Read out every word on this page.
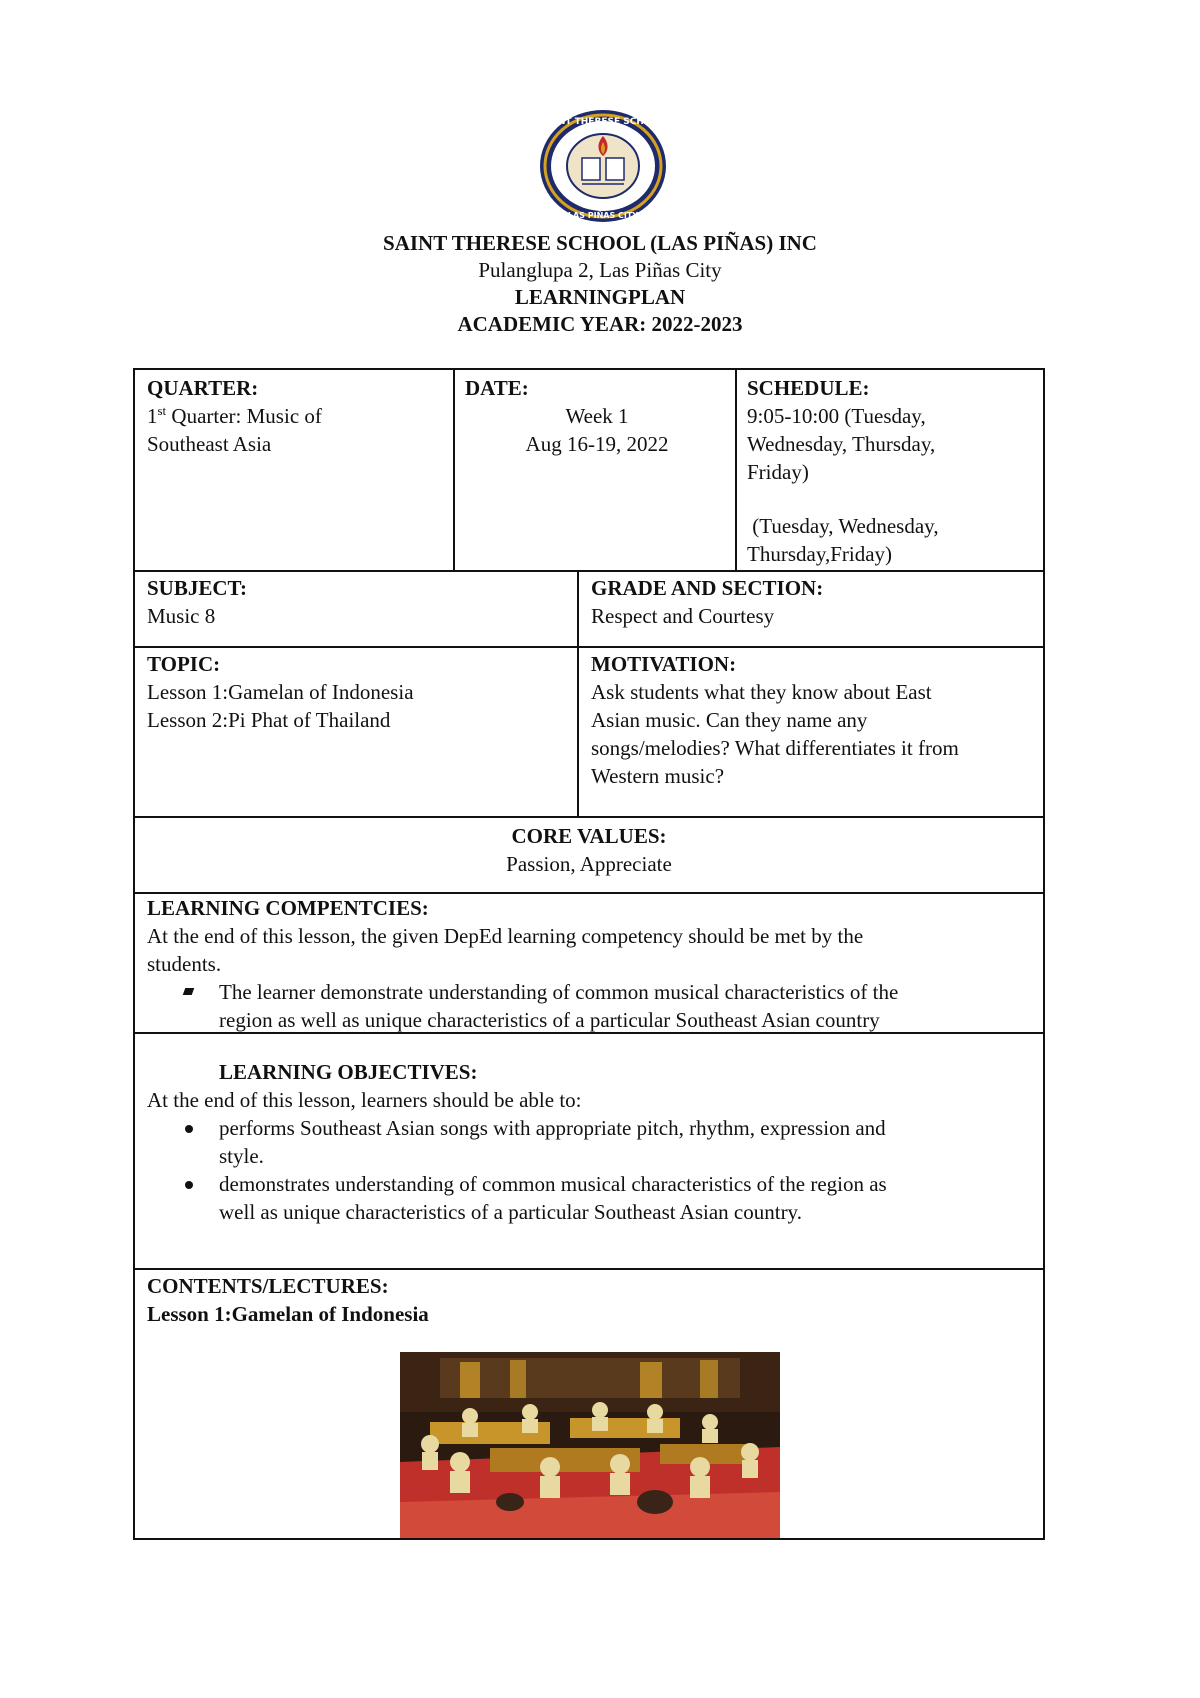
SAINT THERESE SCHOOL
LAS PIÑAS CITY
SAINT THERESE SCHOOL (LAS PIÑAS) INC
Pulanglupa 2, Las Piñas City
LEARNINGPLAN
ACADEMIC YEAR: 2022-2023
QUARTER:
1st Quarter: Music of
Southeast Asia
DATE:
Week 1
Aug 16-19, 2022
SCHEDULE:
9:05-10:00 (Tuesday,
Wednesday, Thursday,
Friday)
(Tuesday, Wednesday,
Thursday,Friday)
SUBJECT:
Music 8
GRADE AND SECTION:
Respect and Courtesy
TOPIC:
Lesson 1:Gamelan of Indonesia
Lesson 2:Pi Phat of Thailand
MOTIVATION:
Ask students what they know about East
Asian music. Can they name any
songs/melodies? What differentiates it from
Western music?
CORE VALUES:
Passion, Appreciate
LEARNING COMPENTCIES:
At the end of this lesson, the given DepEd learning competency should be met by the
students.
The learner demonstrate understanding of common musical characteristics of the
region as well as unique characteristics of a particular Southeast Asian country
LEARNING OBJECTIVES:
At the end of this lesson, learners should be able to:
performs Southeast Asian songs with appropriate pitch, rhythm, expression and
style.
demonstrates understanding of common musical characteristics of the region as
well as unique characteristics of a particular Southeast Asian country.
CONTENTS/LECTURES:
Lesson 1:Gamelan of Indonesia
